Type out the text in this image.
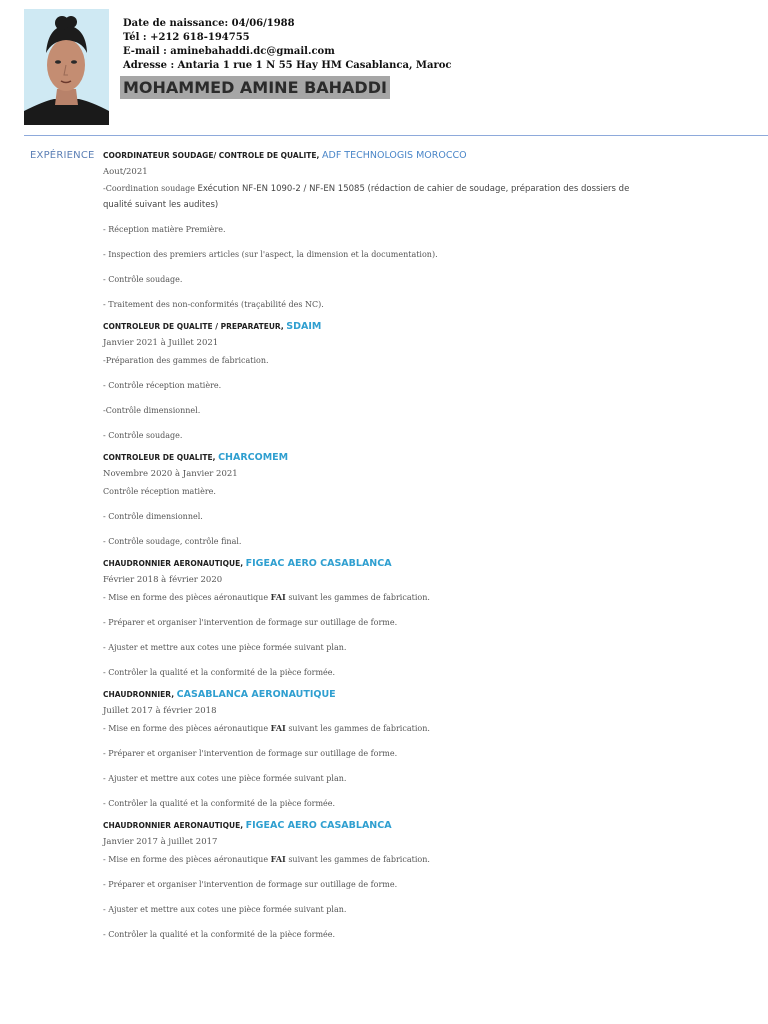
Date de naissance: 04/06/1988
Tél : +212 618-194755
E-mail : aminebahaddi.dc@gmail.com
Adresse : Antaria 1 rue 1 N 55 Hay HM Casablanca, Maroc
MOHAMMED AMINE BAHADDI
EXPÉRIENCE COORDINATEUR SOUDAGE/ CONTROLE DE QUALITE, ADF TECHNOLOGIS MOROCCO
Aout/2021
-Coordination soudage Exécution NF-EN 1090-2 / NF-EN 15085 (rédaction de cahier de soudage, préparation des dossiers de qualité suivant les audites)
- Réception matière Première.
- Inspection des premiers articles (sur l'aspect, la dimension et la documentation).
- Contrôle soudage.
- Traitement des non-conformités (traçabilité des NC).
CONTROLEUR DE QUALITE / PREPARATEUR, SDAIM
Janvier 2021 à Juillet 2021
-Préparation des gammes de fabrication.
- Contrôle réception matière.
-Contrôle dimensionnel.
- Contrôle soudage.
CONTROLEUR DE QUALITE, CHARCOMEM
Novembre 2020 à Janvier 2021
Contrôle réception matière.
- Contrôle dimensionnel.
- Contrôle soudage, contrôle final.
CHAUDRONNIER AERONAUTIQUE, FIGEAC AERO CASABLANCA
Février 2018 à février 2020
- Mise en forme des pièces aéronautique FAI suivant les gammes de fabrication.
- Préparer et organiser l'intervention de formage sur outillage de forme.
- Ajuster et mettre aux cotes une pièce formée suivant plan.
- Contrôler la qualité et la conformité de la pièce formée.
CHAUDRONNIER, CASABLANCA AERONAUTIQUE
Juillet 2017 à février 2018
- Mise en forme des pièces aéronautique FAI suivant les gammes de fabrication.
- Préparer et organiser l'intervention de formage sur outillage de forme.
- Ajuster et mettre aux cotes une pièce formée suivant plan.
- Contrôler la qualité et la conformité de la pièce formée.
CHAUDRONNIER AERONAUTIQUE, FIGEAC AERO CASABLANCA
Janvier 2017 à juillet 2017
- Mise en forme des pièces aéronautique FAI suivant les gammes de fabrication.
- Préparer et organiser l'intervention de formage sur outillage de forme.
- Ajuster et mettre aux cotes une pièce formée suivant plan.
- Contrôler la qualité et la conformité de la pièce formée.
